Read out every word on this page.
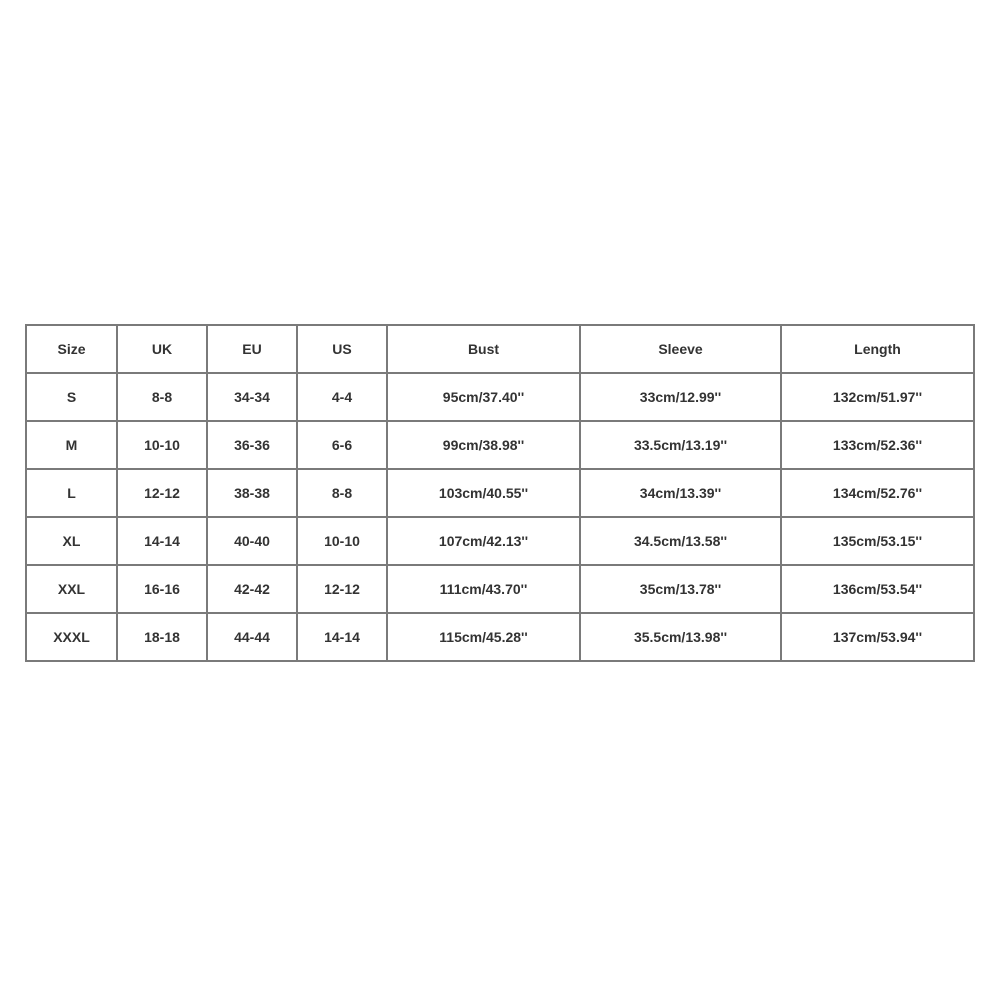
Size	UK	EU	US	Bust	Sleeve	Length
S	8-8	34-34	4-4	95cm/37.40''	33cm/12.99''	132cm/51.97''
M	10-10	36-36	6-6	99cm/38.98''	33.5cm/13.19''	133cm/52.36''
L	12-12	38-38	8-8	103cm/40.55''	34cm/13.39''	134cm/52.76''
XL	14-14	40-40	10-10	107cm/42.13''	34.5cm/13.58''	135cm/53.15''
XXL	16-16	42-42	12-12	111cm/43.70''	35cm/13.78''	136cm/53.54''
XXXL	18-18	44-44	14-14	115cm/45.28''	35.5cm/13.98''	137cm/53.94''
